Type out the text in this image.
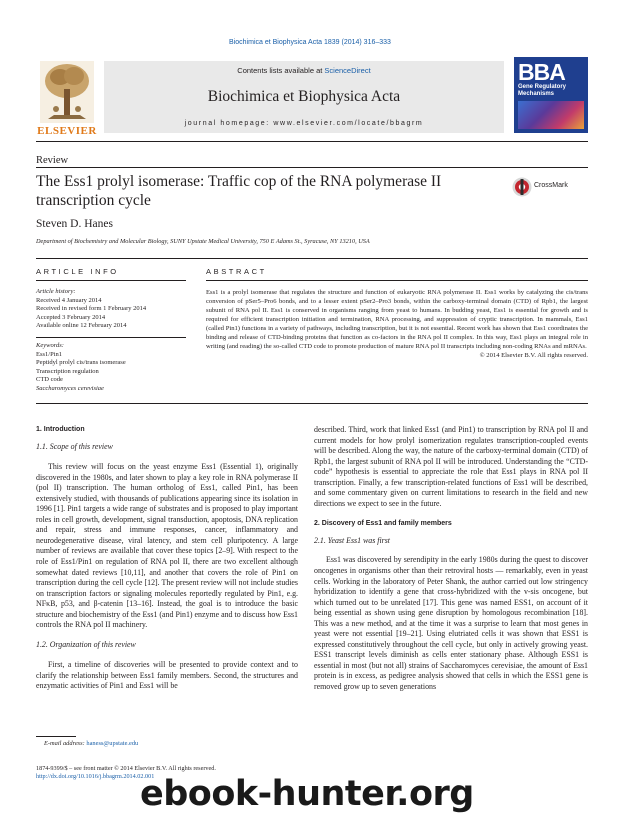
Biochimica et Biophysica Acta 1839 (2014) 316–333
ELSEVIER
Contents lists available at ScienceDirect
Biochimica et Biophysica Acta
journal homepage: www.elsevier.com/locate/bbagrm
BBA
Gene Regulatory Mechanisms
Review
The Ess1 prolyl isomerase: Traffic cop of the RNA polymerase II transcription cycle
CrossMark
Steven D. Hanes
Department of Biochemistry and Molecular Biology, SUNY Upstate Medical University, 750 E Adams St., Syracuse, NY 13210, USA
ARTICLE INFO	ABSTRACT
Article history:
Received 4 January 2014
Received in revised form 1 February 2014
Accepted 3 February 2014
Available online 12 February 2014
Keywords:
Ess1/Pin1
Peptidyl prolyl cis/trans isomerase
Transcription regulation
CTD code
Saccharomyces cerevisiae
Ess1 is a prolyl isomerase that regulates the structure and function of eukaryotic RNA polymerase II. Ess1 works by catalyzing the cis/trans conversion of pSer5–Pro6 bonds, and to a lesser extent pSer2–Pro3 bonds, within the carboxy-terminal domain (CTD) of Rpb1, the largest subunit of RNA pol II. Ess1 is conserved in organisms ranging from yeast to humans. In budding yeast, Ess1 is essential for growth and is required for efficient transcription initiation and termination, RNA processing, and suppression of cryptic transcription. In mammals, Ess1 (called Pin1) functions in a variety of pathways, including transcription, but it is not essential. Recent work has shown that Ess1 coordinates the binding and release of CTD-binding proteins that function as co-factors in the RNA pol II complex. In this way, Ess1 plays an integral role in writing (and reading) the so-called CTD code to promote production of mature RNA pol II transcripts including non-coding RNAs and mRNAs.
© 2014 Elsevier B.V. All rights reserved.
1. Introduction
1.1. Scope of this review

This review will focus on the yeast enzyme Ess1 (Essential 1), originally discovered in the 1980s, and later shown to play a key role in RNA polymerase II (pol II) transcription. The human ortholog of Ess1, called Pin1, has been extensively studied, with thousands of publications appearing since its isolation in 1996 [1]. Pin1 targets a wide range of substrates and is proposed to play important roles in cell growth, development, signal transduction, apoptosis, DNA replication and repair, stress and immune responses, cancer, inflammatory and neurodegenerative disease, viral latency, and stem cell pluripotency. A large number of reviews are available that cover these topics [2–9]. With respect to the role of Ess1/Pin1 on regulation of RNA pol II, there are two excellent although somewhat dated reviews [10,11], and another that covers the role of Pin1 on transcription during the cell cycle [12]. The present review will not include studies on transcription factors or signaling molecules reportedly regulated by Pin1, e.g. NFκB, p53, and β-catenin [13–16]. Instead, the goal is to introduce the basic structure and biochemistry of the Ess1 (and Pin1) enzyme and to discuss how Ess1 controls the RNA pol II machinery.

1.2. Organization of this review

First, a timeline of discoveries will be presented to provide context and to clarify the relationship between Ess1 family members. Second, the structures and enzymatic activities of Pin1 and Ess1 will be

described. Third, work that linked Ess1 (and Pin1) to transcription by RNA pol II and current models for how prolyl isomerization regulates transcription-coupled events will be described. Along the way, the nature of the carboxy-terminal domain (CTD) of Rpb1, the largest subunit of RNA pol II will be introduced. Understanding the “CTD-code” hypothesis is essential to appreciate the role that Ess1 plays in RNA pol II transcription. Finally, a few transcription-related functions of Ess1 will be described, and some commentary given on current limitations to research in the field and new directions we expect to see in the future.

2. Discovery of Ess1 and family members
2.1. Yeast Ess1 was first

Ess1 was discovered by serendipity in the early 1980s during the quest to discover oncogenes in organisms other than their retroviral hosts — remarkably, even in yeast cells. Working in the laboratory of Peter Shank, the author carried out low stringency hybridization to identify a gene that cross-hybridized with the v-sis oncogene, but which turned out to be unrelated [17]. This gene was named ESS1, on account of it being essential as shown using gene disruption by homologous recombination [18]. This was a new method, and at the time it was a surprise to learn that most genes in yeast were not essential [19–21]. Using elutriated cells it was shown that ESS1 is expressed constitutively throughout the cell cycle, but only in actively growing yeast. ESS1 transcript levels diminish as cells enter stationary phase. Although ESS1 is essential in most (but not all) strains of Saccharomyces cerevisiae, the amount of Ess1 protein is in excess, as pedigree analysis showed that cells in which the ESS1 gene is removed grow up to seven generations

E-mail address: haness@upstate.edu
1874-9399/$ – see front matter © 2014 Elsevier B.V. All rights reserved.
http://dx.doi.org/10.1016/j.bbagrm.2014.02.001
ebook-hunter.org
